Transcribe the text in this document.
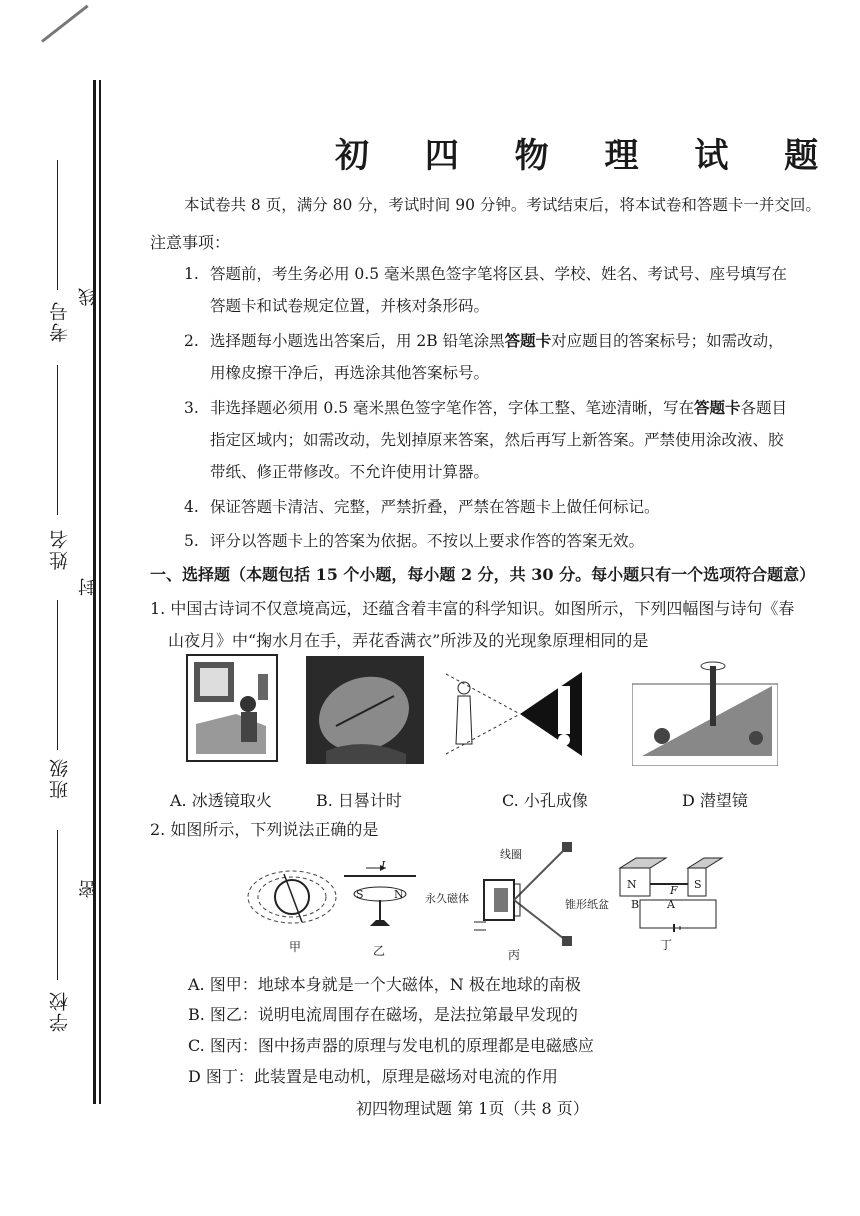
考号
姓名
班级
学校
线
封
密
初 四 物 理 试 题
本试卷共 8 页，满分 80 分，考试时间 90 分钟。考试结束后，将本试卷和答题卡一并交回。
注意事项：
1. 答题前，考生务必用 0.5 毫米黑色签字笔将区县、学校、姓名、考试号、座号填写在
答题卡和试卷规定位置，并核对条形码。
2. 选择题每小题选出答案后，用 2B 铅笔涂黑答题卡对应题目的答案标号；如需改动，
用橡皮擦干净后，再选涂其他答案标号。
3. 非选择题必须用 0.5 毫米黑色签字笔作答，字体工整、笔迹清晰，写在答题卡各题目
指定区域内；如需改动，先划掉原来答案，然后再写上新答案。严禁使用涂改液、胶
带纸、修正带修改。不允许使用计算器。
4. 保证答题卡清洁、完整，严禁折叠，严禁在答题卡上做任何标记。
5. 评分以答题卡上的答案为依据。不按以上要求作答的答案无效。
一、选择题（本题包括 15 个小题，每小题 2 分，共 30 分。每小题只有一个选项符合题意）
1. 中国古诗词不仅意境高远，还蕴含着丰富的科学知识。如图所示，下列四幅图与诗句《春
山夜月》中“掬水月在手，弄花香满衣”所涉及的光现象原理相同的是
A. 冰透镜取火	B. 日晷计时	C. 小孔成像	D 潜望镜
2. 如图所示，下列说法正确的是
甲
I
S	N
乙
线圈
锥形纸盆
永久磁体
丙
N	S
B	A
F
丁
A. 图甲：地球本身就是一个大磁体，N 极在地球的南极
B. 图乙：说明电流周围存在磁场，是法拉第最早发现的
C. 图丙：图中扬声器的原理与发电机的原理都是电磁感应
D 图丁：此装置是电动机，原理是磁场对电流的作用
初四物理试题 第 1页（共 8 页）
